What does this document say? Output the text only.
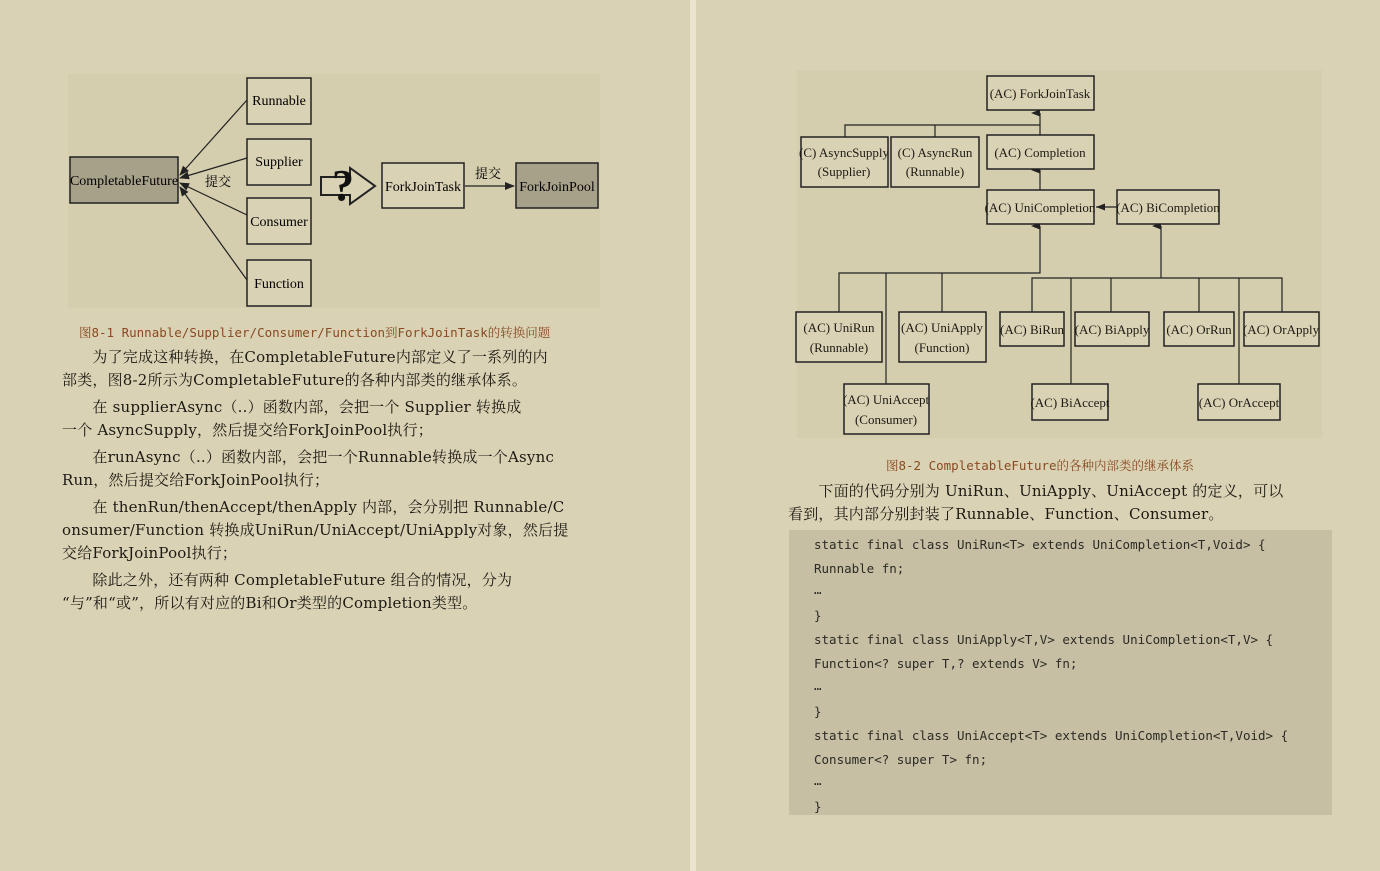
CompletableFuture 提交
Runnable
Supplier
Consumer
Function
? ForkJoinTask
提交
ForkJoinPool
图8-1 Runnable/Supplier/Consumer/Function到ForkJoinTask的转换问题
　　为了完成这种转换，在CompletableFuture内部定义了一系列的内
部类，图8-2所示为CompletableFuture的各种内部类的继承体系。
　　在 supplierAsync（..）函数内部，会把一个 Supplier 转换成
一个 AsyncSupply，然后提交给ForkJoinPool执行；
　　在runAsync（..）函数内部，会把一个Runnable转换成一个Async
Run，然后提交给ForkJoinPool执行；
　　在 thenRun/thenAccept/thenApply 内部，会分别把 Runnable/C
onsumer/Function 转换成UniRun/UniAccept/UniApply对象，然后提
交给ForkJoinPool执行；
　　除此之外，还有两种 CompletableFuture 组合的情况，分为
“与”和“或”，所以有对应的Bi和Or类型的Completion类型。
(AC) ForkJoinTask
(C) AsyncSupply
(Supplier)
(C) AsyncRun
(Runnable)
(AC) Completion
(AC) UniCompletion (AC) BiCompletion
(AC) UniRun
(Runnable)
(AC) UniApply
(Function)
(AC) BiRun (AC) BiApply (AC) OrRun (AC) OrApply
(AC) UniAccept
(Consumer)
(AC) BiAccept	(AC) OrAccept
图8-2 CompletableFuture的各种内部类的继承体系
　　下面的代码分别为 UniRun、UniApply、UniAccept 的定义，可以
看到，其内部分别封装了Runnable、Function、Consumer。
static final class UniRun<T> extends UniCompletion<T,Void> {
Runnable fn;
…
}
static final class UniApply<T,V> extends UniCompletion<T,V> {
Function<? super T,? extends V> fn;
…
}
static final class UniAccept<T> extends UniCompletion<T,Void> {
Consumer<? super T> fn;
…
}
